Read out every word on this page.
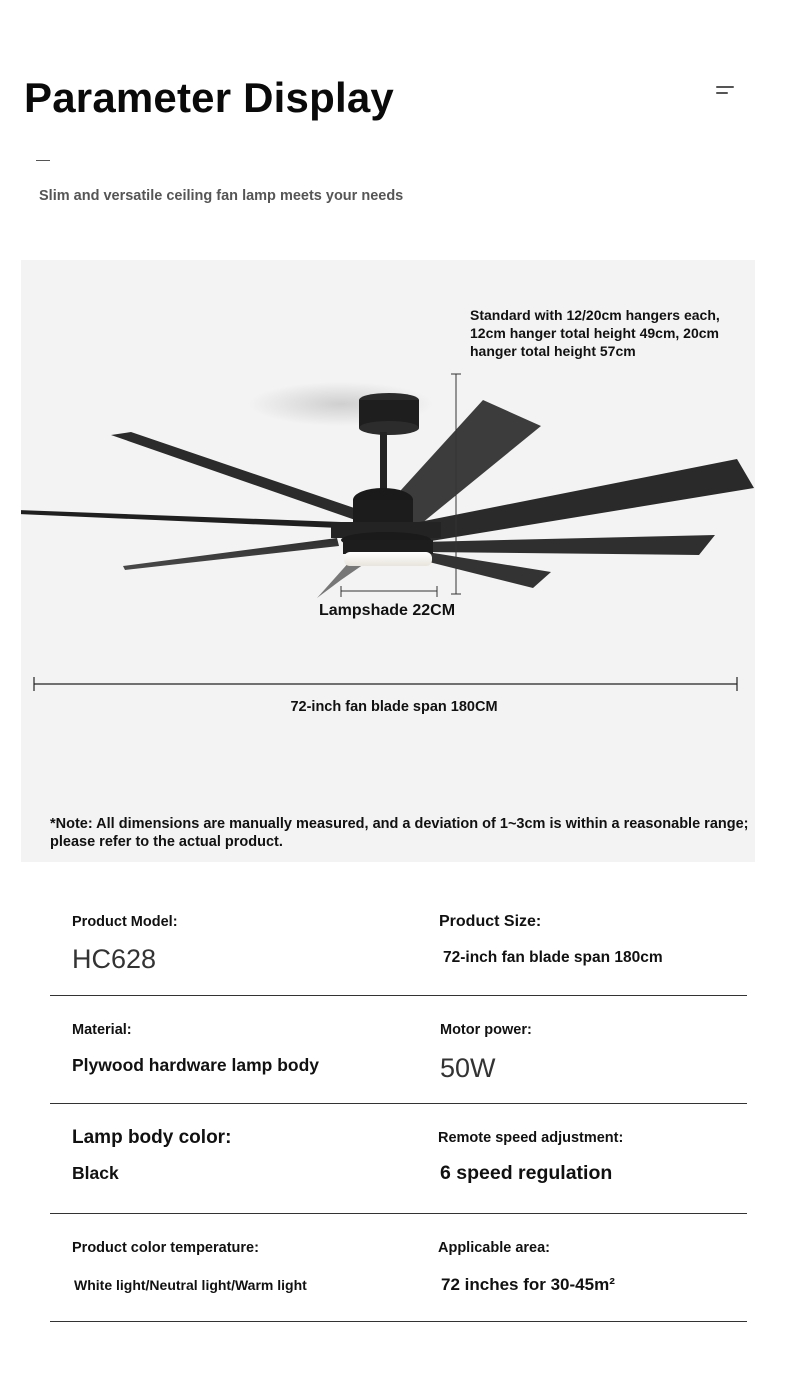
Parameter Display
Slim and versatile ceiling fan lamp meets your needs

Standard with 12/20cm hangers each, 12cm hanger total height 49cm, 20cm hanger total height 57cm

Lampshade 22CM
72-inch fan blade span 180CM

*Note: All dimensions are manually measured, and a deviation of 1~3cm is within a reasonable range; please refer to the actual product.

Product Model:
HC628
Product Size:
72-inch fan blade span 180cm
Material:
Plywood hardware lamp body
Motor power:
50W
Lamp body color:
Black
Remote speed adjustment:
6 speed regulation
Product color temperature:
White light/Neutral light/Warm light
Applicable area:
72 inches for 30-45m²
